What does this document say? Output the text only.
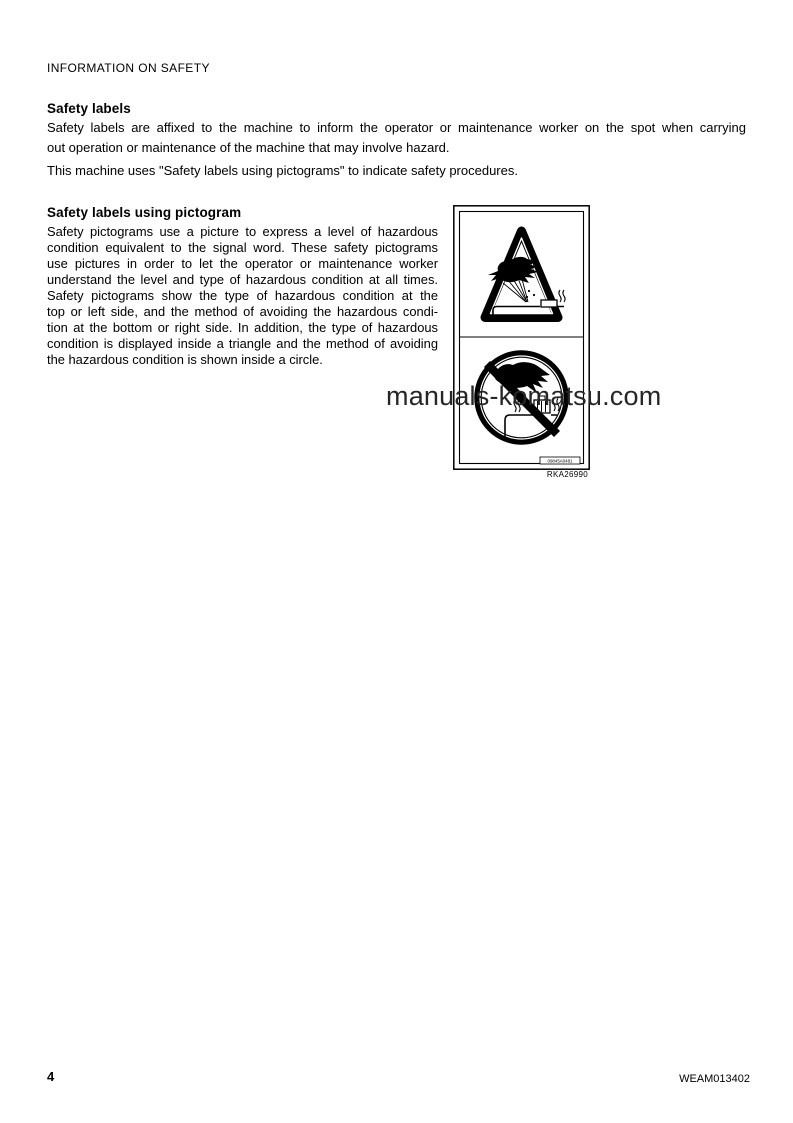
INFORMATION ON SAFETY
Safety labels
Safety labels are affixed to the machine to inform the operator or maintenance worker on the spot when carrying
out operation or maintenance of the machine that may involve hazard.
This machine uses "Safety labels using pictograms" to indicate safety procedures.
Safety labels using pictogram
Safety pictograms use a picture to express a level of hazardous
condition equivalent to the signal word. These safety pictograms
use pictures in order to let the operator or maintenance worker
understand the level and type of hazardous condition at all times.
Safety pictograms show the type of hazardous condition at the
top or left side, and the method of avoiding the hazardous condi-
tion at the bottom or right side. In addition, the type of hazardous
condition is displayed inside a triangle and the method of avoiding
the hazardous condition is shown inside a circle.
09845A0481
RKA26990
manuals-komatsu.com
4	WEAM013402
